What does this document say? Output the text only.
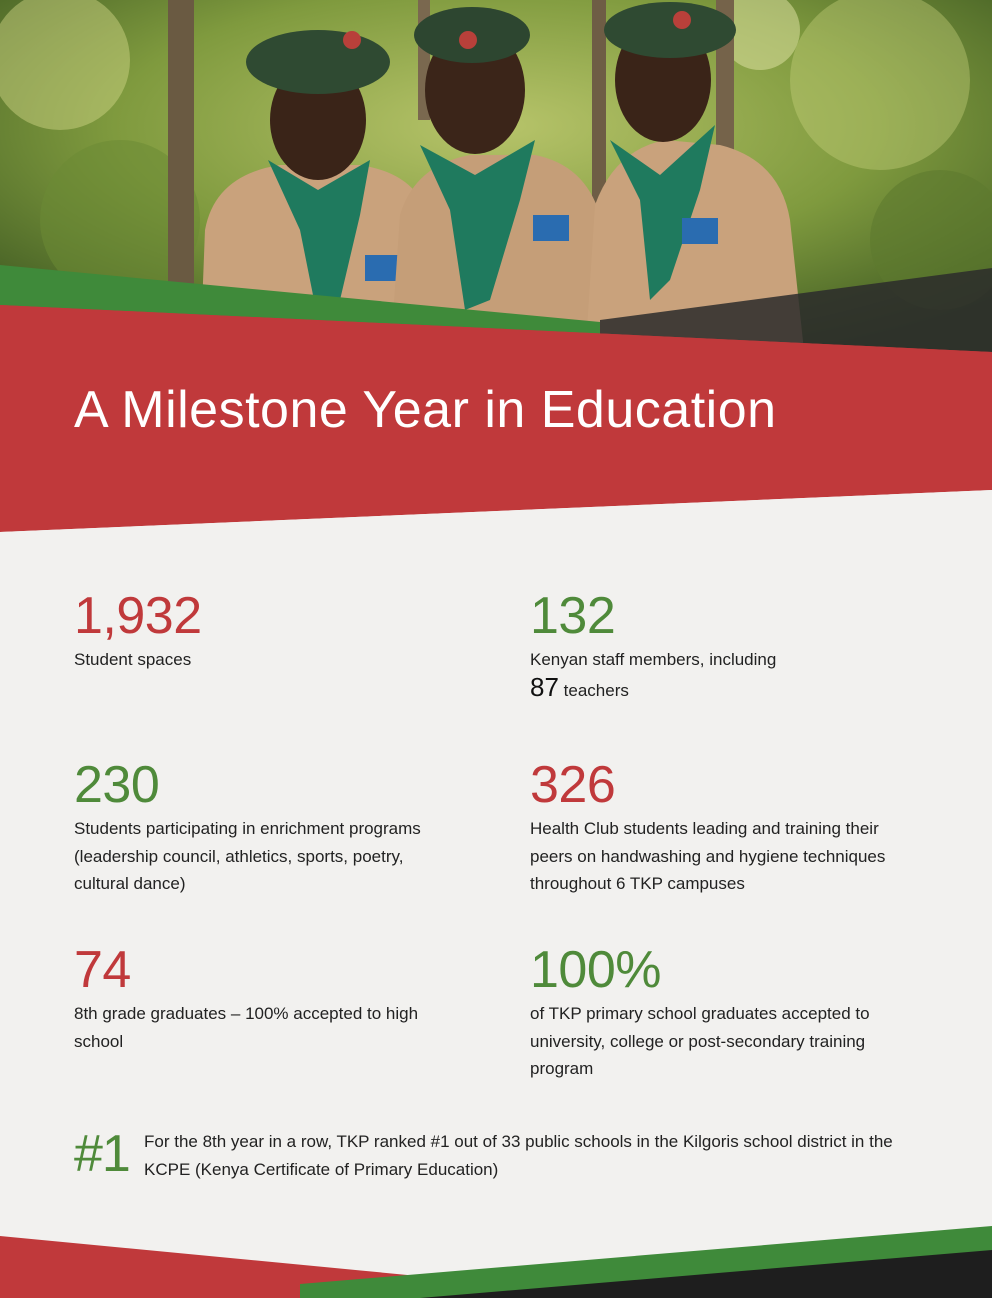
A Milestone Year in Education
1,932
Student spaces
132
Kenyan staff members, including
87 teachers
230
Students participating in enrichment programs (leadership council, athletics, sports, poetry, cultural dance)
326
Health Club students leading and training their peers on handwashing and hygiene techniques throughout 6 TKP campuses
74
8th grade graduates – 100% accepted to high school
100%
of TKP primary school graduates accepted to university, college or post-secondary training program
#1 For the 8th year in a row, TKP ranked #1 out of 33 public schools in the Kilgoris school district in the KCPE (Kenya Certificate of Primary Education)
